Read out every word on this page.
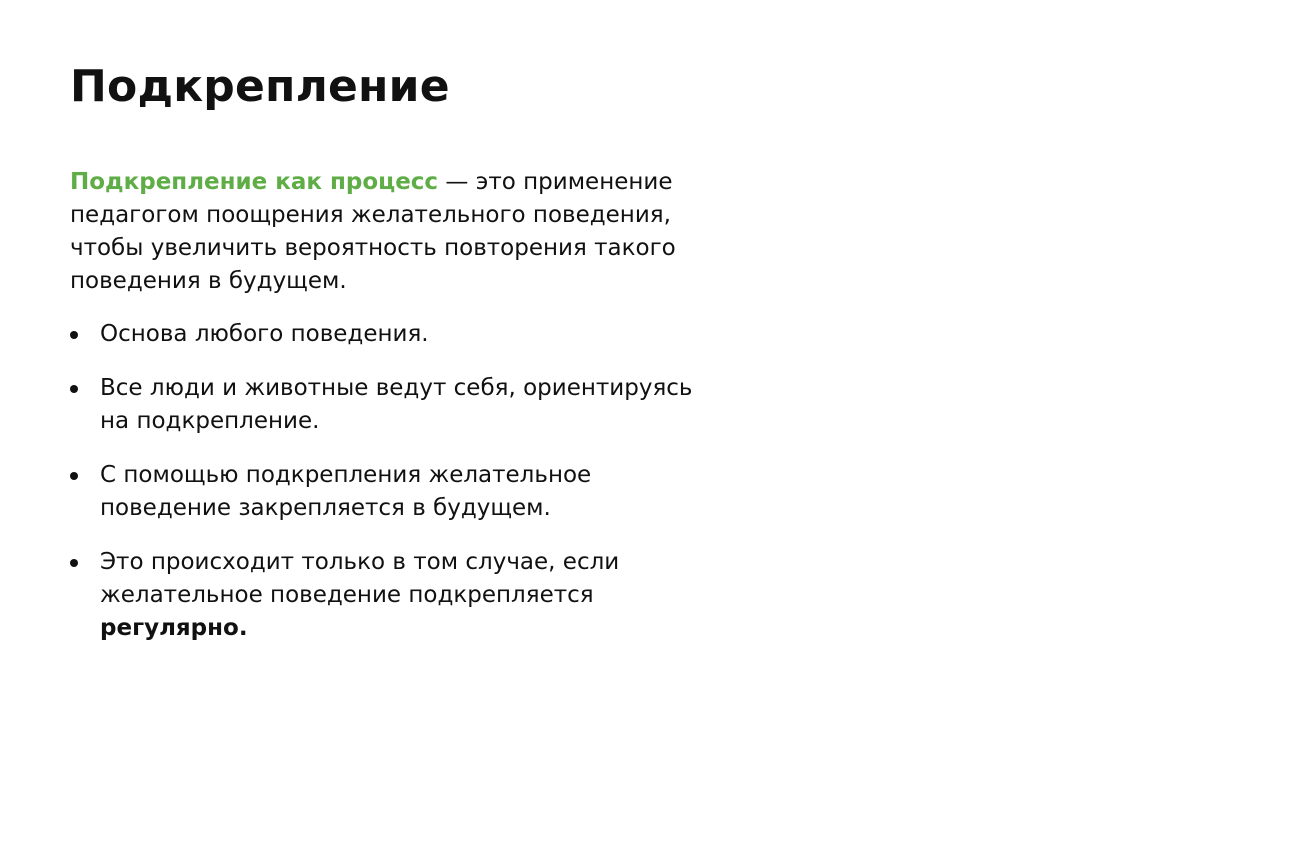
Подкрепление

Подкрепление как процесс — это применение педагогом поощрения желательного поведения, чтобы увеличить вероятность повторения такого поведения в будущем.

Основа любого поведения.
Все люди и животные ведут себя, ориентируясь на подкрепление.
С помощью подкрепления желательное поведение закрепляется в будущем.
Это происходит только в том случае, если желательное поведение подкрепляется регулярно.
